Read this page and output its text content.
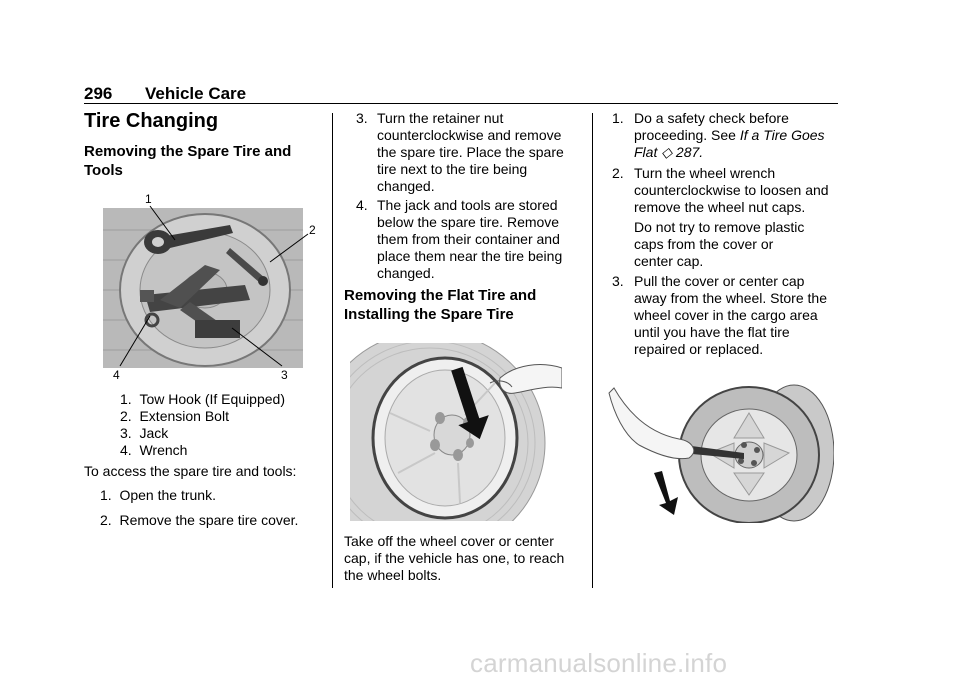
296 Vehicle Care
Tire Changing
Removing the Spare Tire and
Tools
1
2
3
4
1. Tow Hook (If Equipped)
2. Extension Bolt
3. Jack
4. Wrench
To access the spare tire and tools:
1. Open the trunk.
2. Remove the spare tire cover.
3. Turn the retainer nut
counterclockwise and remove
the spare tire. Place the spare
tire next to the tire being
changed.
4. The jack and tools are stored
below the spare tire. Remove
them from their container and
place them near the tire being
changed.
Removing the Flat Tire and
Installing the Spare Tire
Take off the wheel cover or center
cap, if the vehicle has one, to reach
the wheel bolts.
1. Do a safety check before
proceeding. See If a Tire Goes
Flat ◇ 287.
2. Turn the wheel wrench
counterclockwise to loosen and
remove the wheel nut caps.
Do not try to remove plastic
caps from the cover or
center cap.
3. Pull the cover or center cap
away from the wheel. Store the
wheel cover in the cargo area
until you have the flat tire
repaired or replaced.
carmanualsonline.info
